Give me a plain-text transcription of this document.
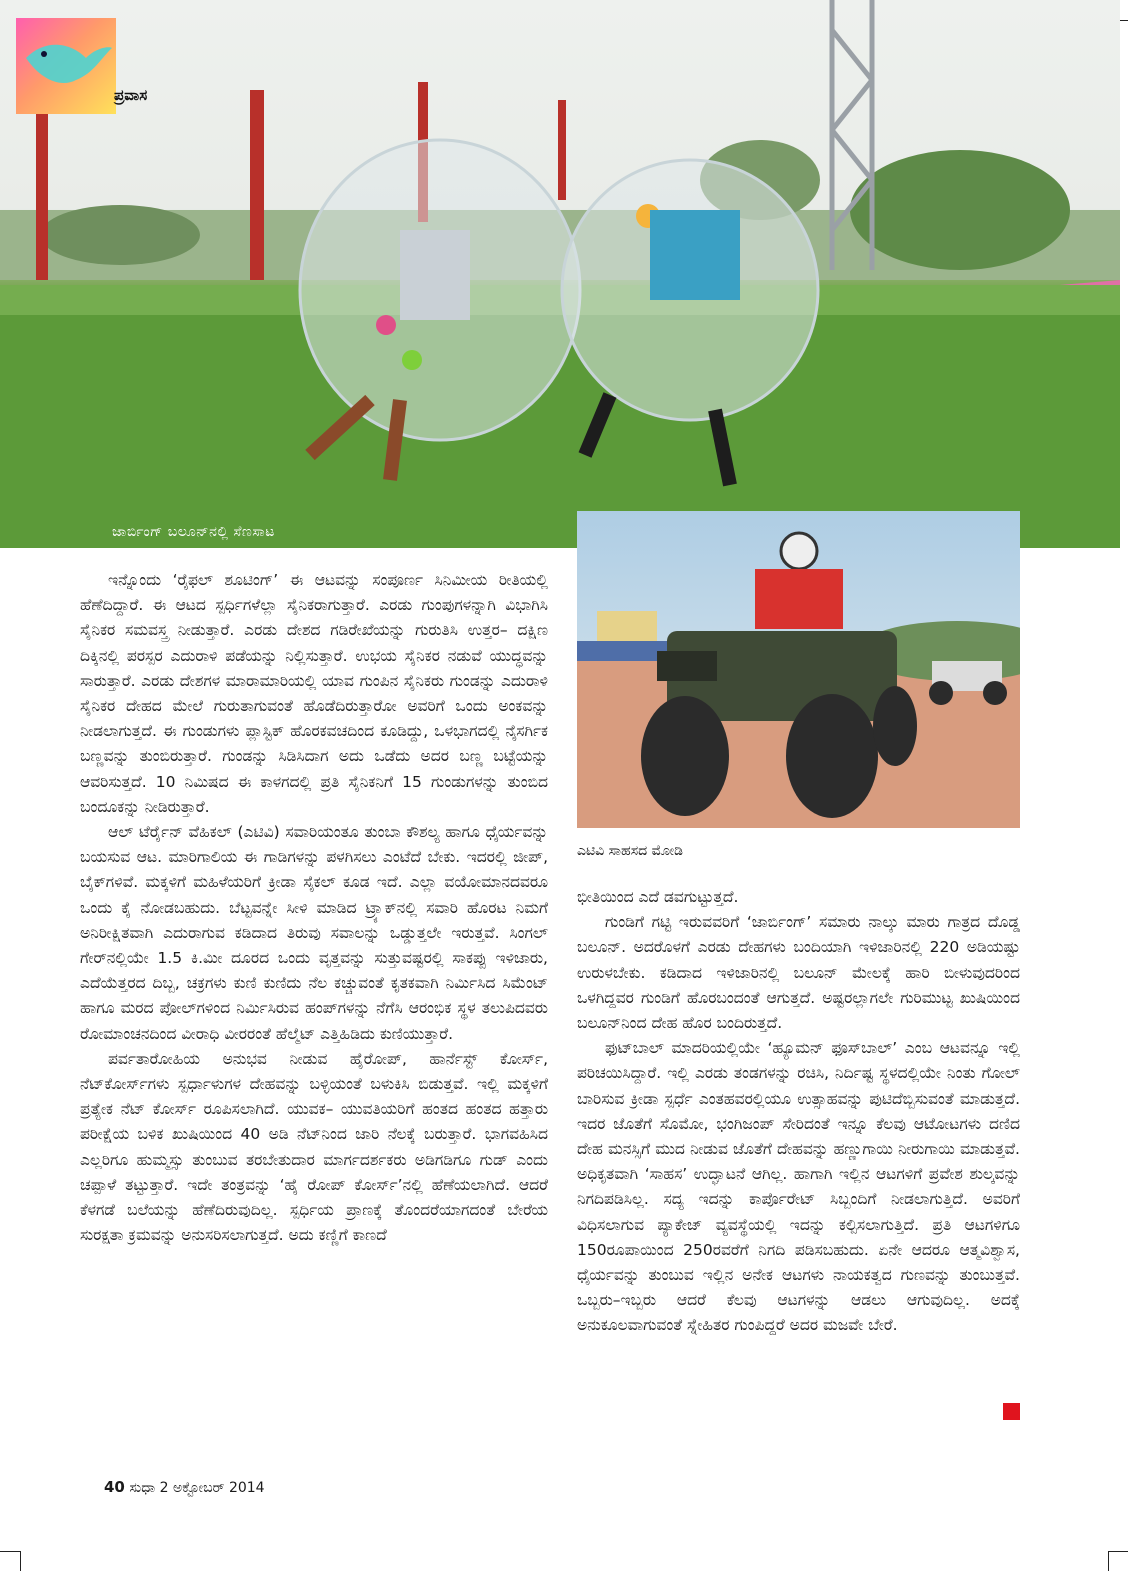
ಪ್ರವಾಸ
ಜಾರ್ಬಿಂಗ್ ಬಲೂನ್‌ನಲ್ಲಿ ಸೆಣಸಾಟ
ಎಟಿವಿ ಸಾಹಸದ ಮೋಡಿ

ಇನ್ನೊಂದು ‘ರೈಫಲ್ ಶೂಟಿಂಗ್’ ಈ ಆಟವನ್ನು ಸಂಪೂರ್ಣ ಸಿನಿಮೀಯ ರೀತಿಯಲ್ಲಿ ಹೆಣೆದಿದ್ದಾರೆ. ಈ ಆಟದ ಸ್ಪರ್ಧಿಗಳೆಲ್ಲಾ ಸೈನಿಕರಾಗುತ್ತಾರೆ. ಎರಡು ಗುಂಪುಗಳನ್ನಾಗಿ ವಿಭಾಗಿಸಿ ಸೈನಿಕರ ಸಮವಸ್ತ್ರ ನೀಡುತ್ತಾರೆ. ಎರಡು ದೇಶದ ಗಡಿರೇಖೆಯನ್ನು ಗುರುತಿಸಿ ಉತ್ತರ– ದಕ್ಷಿಣ ದಿಕ್ಕಿನಲ್ಲಿ ಪರಸ್ಪರ ಎದುರಾಳಿ ಪಡೆಯನ್ನು ನಿಲ್ಲಿಸುತ್ತಾರೆ. ಉಭಯ ಸೈನಿಕರ ನಡುವೆ ಯುದ್ಧವನ್ನು ಸಾರುತ್ತಾರೆ. ಎರಡು ದೇಶಗಳ ಮಾರಾಮಾರಿಯಲ್ಲಿ ಯಾವ ಗುಂಪಿನ ಸೈನಿಕರು ಗುಂಡನ್ನು ಎದುರಾಳಿ ಸೈನಿಕರ ದೇಹದ ಮೇಲೆ ಗುರುತಾಗುವಂತೆ ಹೊಡೆದಿರುತ್ತಾರೋ ಅವರಿಗೆ ಒಂದು ಅಂಕವನ್ನು ನೀಡಲಾಗುತ್ತದೆ. ಈ ಗುಂಡುಗಳು ಪ್ಲಾಸ್ಟಿಕ್ ಹೊರಕವಚದಿಂದ ಕೂಡಿದ್ದು, ಒಳಭಾಗದಲ್ಲಿ ನೈಸರ್ಗಿಕ ಬಣ್ಣವನ್ನು ತುಂಬಿರುತ್ತಾರೆ. ಗುಂಡನ್ನು ಸಿಡಿಸಿದಾಗ ಅದು ಒಡೆದು ಅದರ ಬಣ್ಣ ಬಟ್ಟೆಯನ್ನು ಆವರಿಸುತ್ತದೆ. 10 ನಿಮಿಷದ ಈ ಕಾಳಗದಲ್ಲಿ ಪ್ರತಿ ಸೈನಿಕನಿಗೆ 15 ಗುಂಡುಗಳನ್ನು ತುಂಬಿದ ಬಂದೂಕನ್ನು ನೀಡಿರುತ್ತಾರೆ.

ಆಲ್ ಟೆರ್ರೈನ್ ವೆಹಿಕಲ್ (ಎಟಿವಿ) ಸವಾರಿಯಂತೂ ತುಂಬಾ ಕೌಶಲ್ಯ ಹಾಗೂ ಧೈರ್ಯವನ್ನು ಬಯಸುವ ಆಟ. ಮಾರಿಗಾಲಿಯ ಈ ಗಾಡಿಗಳನ್ನು ಪಳಗಿಸಲು ಎಂಟೆದೆ ಬೇಕು. ಇದರಲ್ಲಿ ಜೀಪ್, ಬೈಕ್‌ಗಳಿವೆ. ಮಕ್ಕಳಿಗೆ ಮಹಿಳೆಯರಿಗೆ ಕ್ರೀಡಾ ಸೈಕಲ್ ಕೂಡ ಇದೆ. ಎಲ್ಲಾ ವಯೋಮಾನದವರೂ ಒಂದು ಕೈ ನೋಡಬಹುದು. ಬೆಟ್ಟವನ್ನೇ ಸೀಳಿ ಮಾಡಿದ ಟ್ರ್ಯಾಕ್‌ನಲ್ಲಿ ಸವಾರಿ ಹೊರಟ ನಿಮಗೆ ಅನಿರೀಕ್ಷಿತವಾಗಿ ಎದುರಾಗುವ ಕಡಿದಾದ ತಿರುವು ಸವಾಲನ್ನು ಒಡ್ಡುತ್ತಲೇ ಇರುತ್ತವೆ. ಸಿಂಗಲ್ ಗೇರ್‌ನಲ್ಲಿಯೇ 1.5 ಕಿ.ಮೀ ದೂರದ ಒಂದು ವೃತ್ತವನ್ನು ಸುತ್ತುವಷ್ಟರಲ್ಲಿ ಸಾಕಪ್ಪು ಇಳಿಜಾರು, ಎದೆಯೆತ್ತರದ ದಿಬ್ಬ, ಚಕ್ರಗಳು ಕುಣಿ ಕುಣಿದು ನೆಲ ಕಚ್ಚುವಂತೆ ಕೃತಕವಾಗಿ ನಿರ್ಮಿಸಿದ ಸಿಮೆಂಟ್ ಹಾಗೂ ಮರದ ಪೋಲ್‌ಗಳಿಂದ ನಿರ್ಮಿಸಿರುವ ಹಂಪ್‌ಗಳನ್ನು ನೆಗೆಸಿ ಆರಂಭಿಕ ಸ್ಥಳ ತಲುಪಿದವರು ರೋಮಾಂಚನದಿಂದ ವೀರಾಧಿ ವೀರರಂತೆ ಹೆಲ್ಮೆಟ್ ಎತ್ತಿಹಿಡಿದು ಕುಣಿಯುತ್ತಾರೆ.

ಪರ್ವತಾರೋಹಿಯ ಅನುಭವ ನೀಡುವ ಹೈರೋಪ್, ಹಾರ್ನೆಸ್ಟ್ ಕೋರ್ಸ್, ನೆಟ್‌ಕೋರ್ಸ್‌ಗಳು ಸ್ಪರ್ಧಾಳುಗಳ ದೇಹವನ್ನು ಬಳ್ಳಿಯಂತೆ ಬಳುಕಿಸಿ ಬಿಡುತ್ತವೆ. ಇಲ್ಲಿ ಮಕ್ಕಳಿಗೆ ಪ್ರತ್ಯೇಕ ನೆಟ್ ಕೋರ್ಸ್ ರೂಪಿಸಲಾಗಿದೆ. ಯುವಕ– ಯುವತಿಯರಿಗೆ ಹಂತದ ಹಂತದ ಹತ್ತಾರು ಪರೀಕ್ಷೆಯ ಬಳಿಕ ಖುಷಿಯಿಂದ 40 ಅಡಿ ನೆಟ್‌ನಿಂದ ಜಾರಿ ನೆಲಕ್ಕೆ ಬರುತ್ತಾರೆ. ಭಾಗವಹಿಸಿದ ಎಲ್ಲರಿಗೂ ಹುಮ್ಮಸ್ಸು ತುಂಬುವ ತರಬೇತುದಾರ ಮಾರ್ಗದರ್ಶಕರು ಅಡಿಗಡಿಗೂ ಗುಡ್ ಎಂದು ಚಪ್ಪಾಳೆ ತಟ್ಟುತ್ತಾರೆ. ಇದೇ ತಂತ್ರವನ್ನು ‘ಹೈ ರೋಪ್ ಕೋರ್ಸ್’ನಲ್ಲಿ ಹೆಣೆಯಲಾಗಿದೆ. ಆದರೆ ಕೆಳಗಡೆ ಬಲೆಯನ್ನು ಹೆಣೆದಿರುವುದಿಲ್ಲ. ಸ್ಪರ್ಧಿಯ ಪ್ರಾಣಕ್ಕೆ ತೊಂದರೆಯಾಗದಂತೆ ಬೇರೆಯ ಸುರಕ್ಷತಾ ಕ್ರಮವನ್ನು ಅನುಸರಿಸಲಾಗುತ್ತದೆ. ಅದು ಕಣ್ಣಿಗೆ ಕಾಣದೆ

ಭೀತಿಯಿಂದ ಎದೆ ಡವಗುಟ್ಟುತ್ತದೆ.

ಗುಂಡಿಗೆ ಗಟ್ಟಿ ಇರುವವರಿಗೆ ‘ಜಾರ್ಬಿಂಗ್’ ಸಮಾರು ನಾಲ್ಕು ಮಾರು ಗಾತ್ರದ ದೊಡ್ಡ ಬಲೂನ್. ಅದರೊಳಗೆ ಎರಡು ದೇಹಗಳು ಬಂದಿಯಾಗಿ ಇಳಿಜಾರಿನಲ್ಲಿ 220 ಅಡಿಯಷ್ಟು ಉರುಳಬೇಕು. ಕಡಿದಾದ ಇಳಿಜಾರಿನಲ್ಲಿ ಬಲೂನ್ ಮೇಲಕ್ಕೆ ಹಾರಿ ಬೀಳುವುದರಿಂದ ಒಳಗಿದ್ದವರ ಗುಂಡಿಗೆ ಹೊರಬಂದಂತೆ ಆಗುತ್ತದೆ. ಅಷ್ಟರಲ್ಲಾಗಲೇ ಗುರಿಮುಟ್ಟ ಖುಷಿಯಿಂದ ಬಲೂನ್‌ನಿಂದ ದೇಹ ಹೊರ ಬಂದಿರುತ್ತದೆ.

ಫುಟ್‌ಬಾಲ್ ಮಾದರಿಯಲ್ಲಿಯೇ ‘ಹ್ಯೂಮನ್ ಫೂಸ್‌ಬಾಲ್’ ಎಂಬ ಆಟವನ್ನೂ ಇಲ್ಲಿ ಪರಿಚಯಿಸಿದ್ದಾರೆ. ಇಲ್ಲಿ ಎರಡು ತಂಡಗಳನ್ನು ರಚಿಸಿ, ನಿರ್ದಿಷ್ಟ ಸ್ಥಳದಲ್ಲಿಯೇ ನಿಂತು ಗೋಲ್ ಬಾರಿಸುವ ಕ್ರೀಡಾ ಸ್ಪರ್ಧೆ ಎಂತಹವರಲ್ಲಿಯೂ ಉತ್ಸಾಹವನ್ನು ಪುಟಿದೆಬ್ಬಿಸುವಂತೆ ಮಾಡುತ್ತದೆ. ಇದರ ಜೊತೆಗೆ ಸೊಮೋ, ಭಂಗಿಜಂಪ್ ಸೇರಿದಂತೆ ಇನ್ನೂ ಕೆಲವು ಆಟೋಟಗಳು ದಣಿದ ದೇಹ ಮನಸ್ಸಿಗೆ ಮುದ ನೀಡುವ ಜೊತೆಗೆ ದೇಹವನ್ನು ಹಣ್ಣುಗಾಯಿ ನೀರುಗಾಯಿ ಮಾಡುತ್ತವೆ. ಅಧಿಕೃತವಾಗಿ ‘ಸಾಹಸ’ ಉದ್ಘಾಟನೆ ಆಗಿಲ್ಲ. ಹಾಗಾಗಿ ಇಲ್ಲಿನ ಆಟಗಳಿಗೆ ಪ್ರವೇಶ ಶುಲ್ಕವನ್ನು ನಿಗದಿಪಡಿಸಿಲ್ಲ. ಸದ್ಯ ಇದನ್ನು ಕಾರ್ಪೊರೇಟ್ ಸಿಬ್ಬಂದಿಗೆ ನೀಡಲಾಗುತ್ತಿದೆ. ಅವರಿಗೆ ವಿಧಿಸಲಾಗುವ ಪ್ಯಾಕೇಜ್ ವ್ಯವಸ್ಥೆಯಲ್ಲಿ ಇದನ್ನು ಕಲ್ಪಿಸಲಾಗುತ್ತಿದೆ. ಪ್ರತಿ ಆಟಗಳಿಗೂ 150ರೂಪಾಯಿಂದ 250ರವರೆಗೆ ನಿಗದಿ ಪಡಿಸಬಹುದು. ಏನೇ ಆದರೂ ಆತ್ಮವಿಶ್ವಾಸ, ಧೈರ್ಯವನ್ನು ತುಂಬುವ ಇಲ್ಲಿನ ಅನೇಕ ಆಟಗಳು ನಾಯಕತ್ವದ ಗುಣವನ್ನು ತುಂಬುತ್ತವೆ. ಒಬ್ಬರು–ಇಬ್ಬರು ಆದರೆ ಕೆಲವು ಆಟಗಳನ್ನು ಆಡಲು ಆಗುವುದಿಲ್ಲ. ಅದಕ್ಕೆ ಅನುಕೂಲವಾಗುವಂತೆ ಸ್ನೇಹಿತರ ಗುಂಪಿದ್ದರೆ ಅದರ ಮಜವೇ ಬೇರೆ.

40 ಸುಧಾ 2 ಅಕ್ಟೋಬರ್ 2014
